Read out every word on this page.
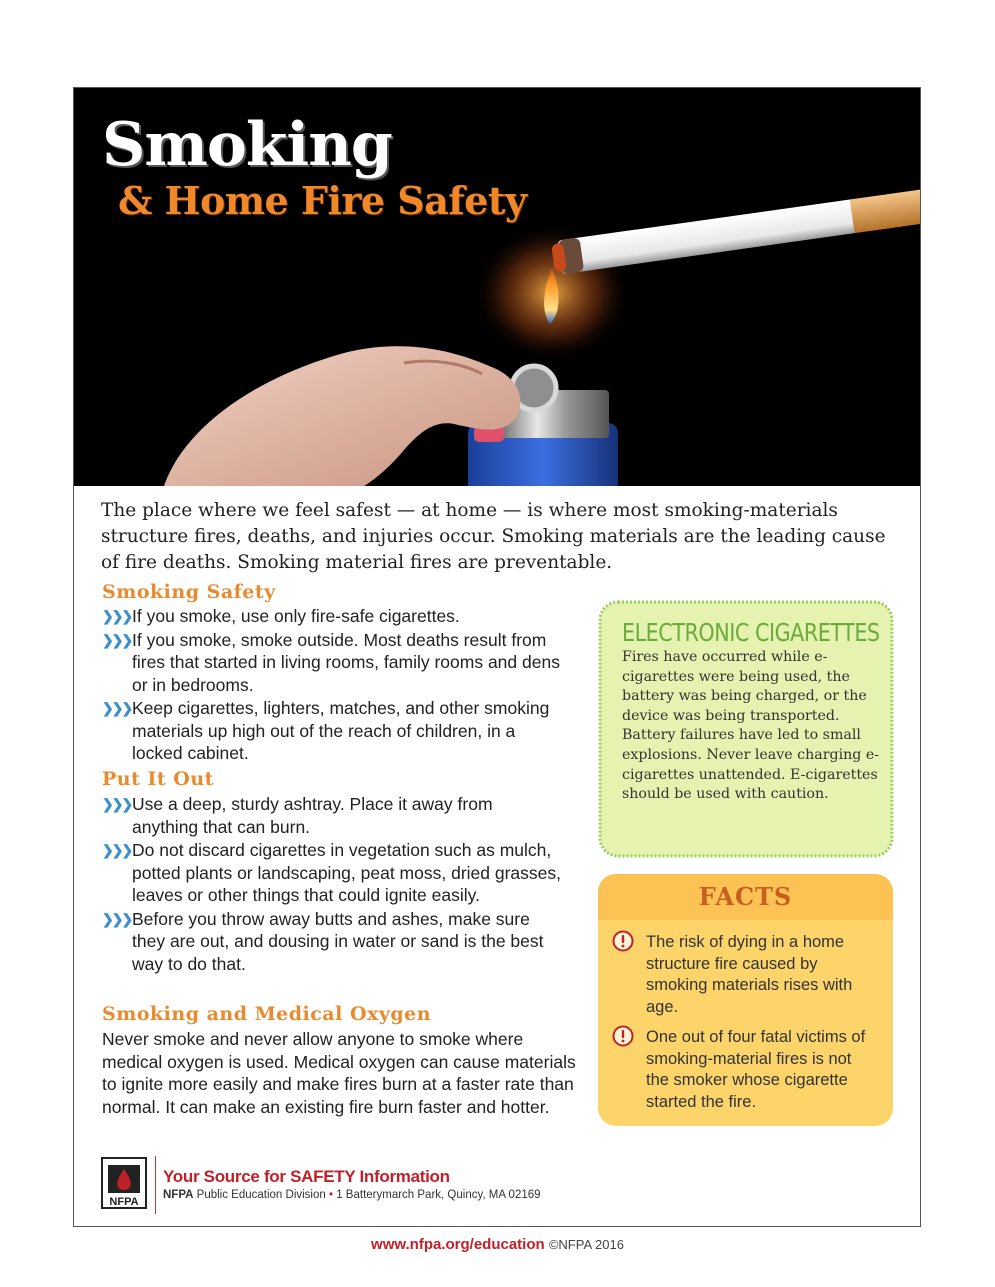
Smoking
& Home Fire Safety

The place where we feel safest — at home — is where most smoking-materials structure fires, deaths, and injuries occur. Smoking materials are the leading cause of fire deaths. Smoking material fires are preventable.

Smoking Safety
❯❯❯ If you smoke, use only fire-safe cigarettes.
❯❯❯ If you smoke, smoke outside. Most deaths result from fires that started in living rooms, family rooms and dens or in bedrooms.
❯❯❯ Keep cigarettes, lighters, matches, and other smoking materials up high out of the reach of children, in a locked cabinet.
Put It Out
❯❯❯ Use a deep, sturdy ashtray. Place it away from anything that can burn.
❯❯❯ Do not discard cigarettes in vegetation such as mulch, potted plants or landscaping, peat moss, dried grasses, leaves or other things that could ignite easily.
❯❯❯ Before you throw away butts and ashes, make sure they are out, and dousing in water or sand is the best way to do that.
Smoking and Medical Oxygen

Never smoke and never allow anyone to smoke where medical oxygen is used. Medical oxygen can cause materials to ignite more easily and make fires burn at a faster rate than normal. It can make an existing fire burn faster and hotter.

ELECTRONIC CIGARETTES

Fires have occurred while e-cigarettes were being used, the battery was being charged, or the device was being transported. Battery failures have led to small explosions. Never leave charging e-cigarettes unattended. E-cigarettes should be used with caution.

FACTS
The risk of dying in a home structure fire caused by smoking materials rises with age.
One out of four fatal victims of smoking-material fires is not the smoker whose cigarette started the fire.
NFPA
Your Source for SAFETY Information
NFPA Public Education Division • 1 Batterymarch Park, Quincy, MA 02169
www.nfpa.org/education ©NFPA 2016
